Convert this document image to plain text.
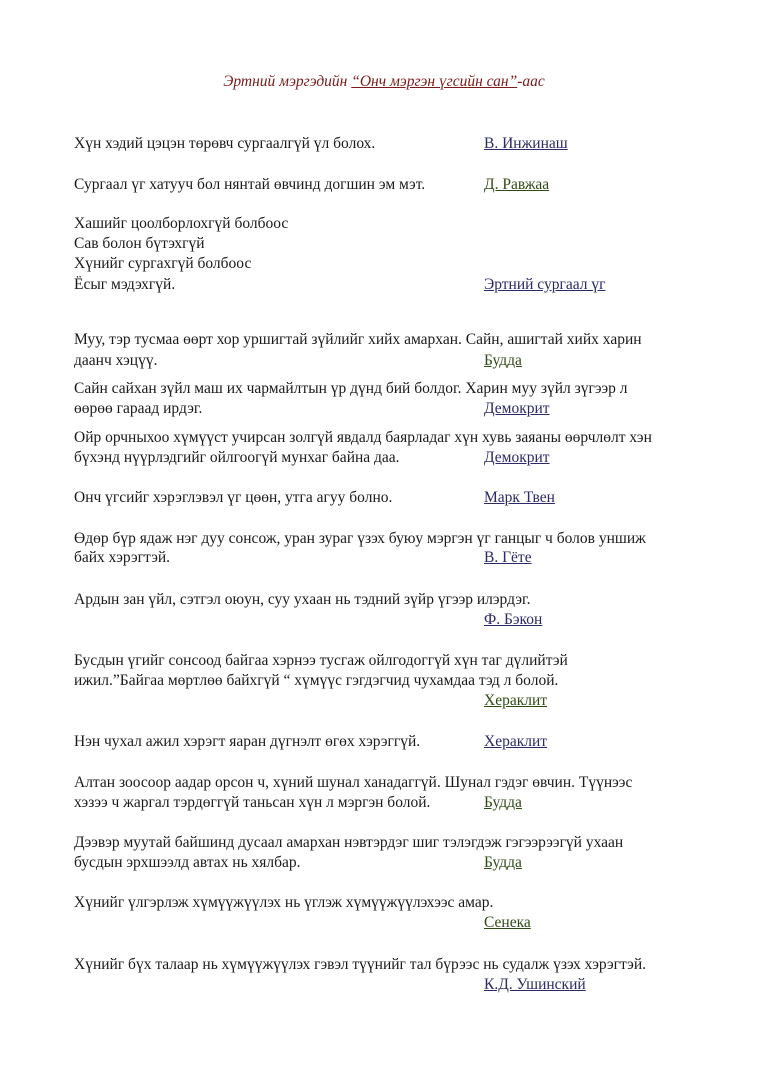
Эртний мэргэдийн “Онч мэргэн үгсийн сан”-аас
Хүн хэдий цэцэн төрөвч сургаалгүй үл болох.	В. Инжинаш
Сургаал үг хатууч бол нянтай өвчинд догшин эм мэт.	Д. Равжаа
Хашийг цоолборлохгүй болбоос
Сав болон бүтэхгүй
Хүнийг сургахгүй болбоос
Ёсыг мэдэхгүй.	Эртний сургаал үг
Муу, тэр тусмаа өөрт хор уршигтай зүйлийг хийх амархан. Сайн, ашигтай хийх харин
даанч хэцүү.	Будда
Сайн сайхан зүйл маш их чармайлтын үр дүнд бий болдог. Харин муу зүйл зүгээр л
өөрөө гараад ирдэг.	Демокрит
Ойр орчныхоо хүмүүст учирсан золгүй явдалд баярладаг хүн хувь заяаны өөрчлөлт хэн
бүхэнд нүүрлэдгийг ойлгоогүй мунхаг байна даа.	Демокрит
Онч үгсийг хэрэглэвэл үг цөөн, утга агуу болно.	Марк Твен
Өдөр бүр ядаж нэг дуу сонсож, уран зураг үзэх буюу мэргэн үг ганцыг ч болов уншиж
байх хэрэгтэй.	В. Гёте
Ардын зан үйл, сэтгэл оюун, суу ухаан нь тэдний зүйр үгээр илэрдэг.
Ф. Бэкон
Бусдын үгийг сонсоод байгаа хэрнээ тусгаж ойлгодоггүй хүн таг дүлийтэй
ижил.”Байгаа мөртлөө байхгүй “ хүмүүс гэгдэгчид чухамдаа тэд л болой.
Хераклит
Нэн чухал ажил хэрэгт яаран дүгнэлт өгөх хэрэггүй.	Хераклит
Алтан зоосоор аадар орсон ч, хүний шунал ханадаггүй. Шунал гэдэг өвчин. Түүнээс
хэзээ ч жаргал тэрдөггүй таньсан хүн л мэргэн болой.	Будда
Дээвэр муутай байшинд дусаал амархан нэвтэрдэг шиг тэлэгдэж гэгээрээгүй ухаан
бусдын эрхшээлд автах нь хялбар.	Будда
Хүнийг үлгэрлэж хүмүүжүүлэх нь үглэж хүмүүжүүлэхээс амар.
Сенека
Хүнийг бүх талаар нь хүмүүжүүлэх гэвэл түүнийг тал бүрээс нь судалж үзэх хэрэгтэй.
К.Д. Ушинский
